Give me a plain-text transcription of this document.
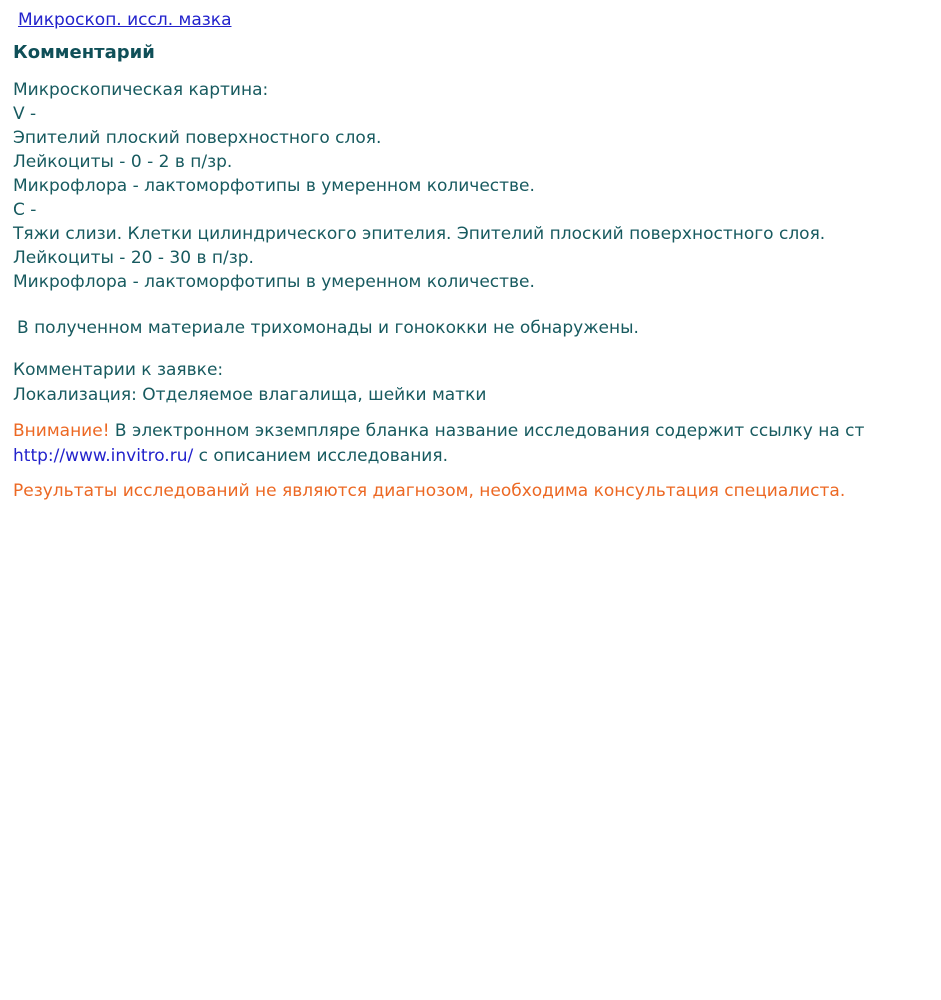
Микроскоп. иссл. мазка
Комментарий
Микроскопическая картина:
V -
Эпителий плоский поверхностного слоя.
Лейкоциты - 0 - 2 в п/зр.
Микрофлора - лактоморфотипы в умеренном количестве.
C -
Тяжи слизи. Клетки цилиндрического эпителия. Эпителий плоский поверхностного слоя.
Лейкоциты - 20 - 30 в п/зр.
Микрофлора - лактоморфотипы в умеренном количестве.
В полученном материале трихомонады и гонококки не обнаружены.
Комментарии к заявке:
Локализация: Отделяемое влагалища, шейки матки
Внимание! В электронном экземпляре бланка название исследования содержит ссылку на ст
http://www.invitro.ru/ с описанием исследования.
Результаты исследований не являются диагнозом, необходима консультация специалиста.
